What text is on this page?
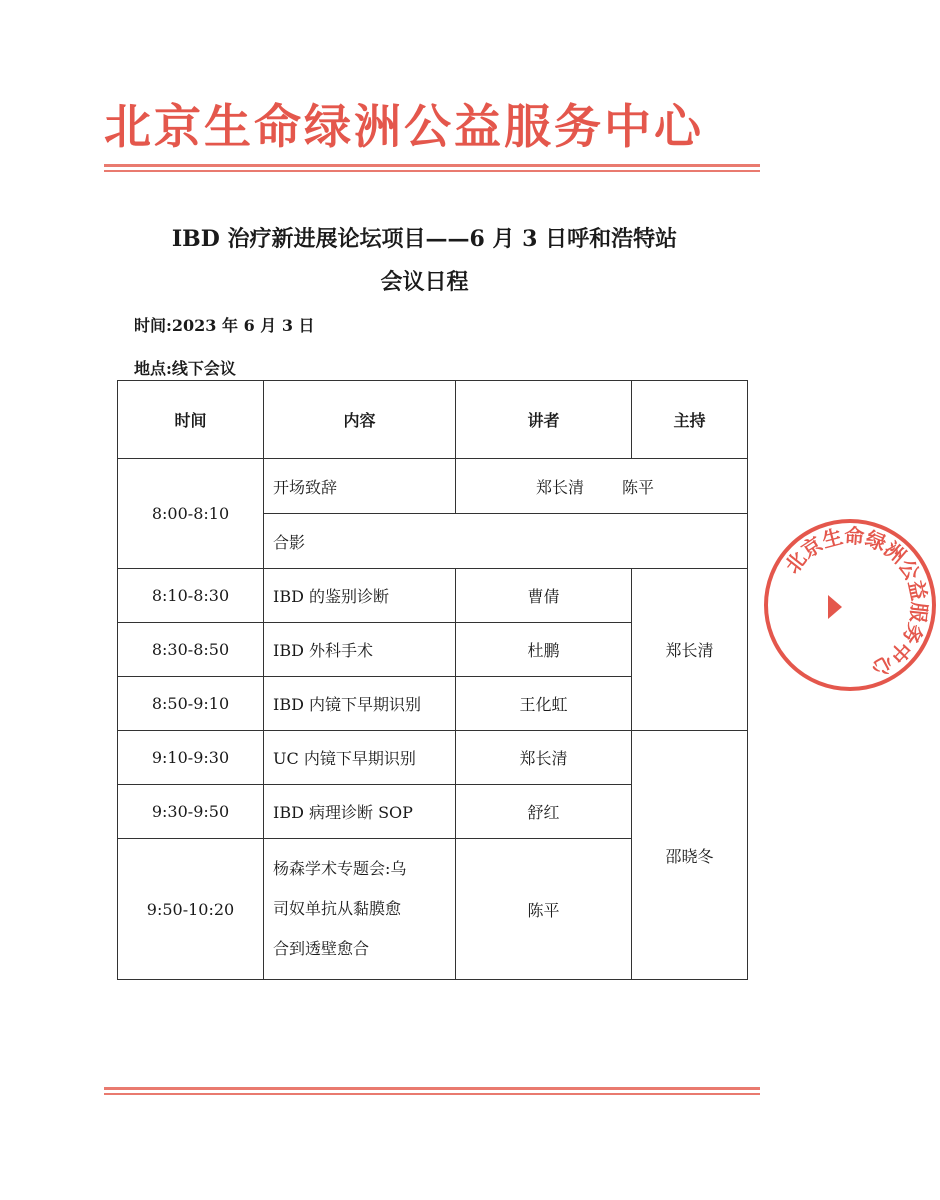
北京生命绿洲公益服务中心
IBD 治疗新进展论坛项目——6 月 3 日呼和浩特站
会议日程
时间:2023 年 6 月 3 日
地点:线下会议
时间	内容	讲者	主持
8:00-8:10	开场致辞	郑长清 陈平	
	合影		
8:10-8:30	IBD 的鉴别诊断	曹倩	郑长清
8:30-8:50	IBD 外科手术	杜鹏	
8:50-9:10	IBD 内镜下早期识别	王化虹	
9:10-9:30	UC 内镜下早期识别	郑长清	邵晓冬
9:30-9:50	IBD 病理诊断 SOP	舒红	
9:50-10:20	杨森学术专题会:乌
司奴单抗从黏膜愈
合到透壁愈合	陈平	
北京生命绿洲公益服务中心
